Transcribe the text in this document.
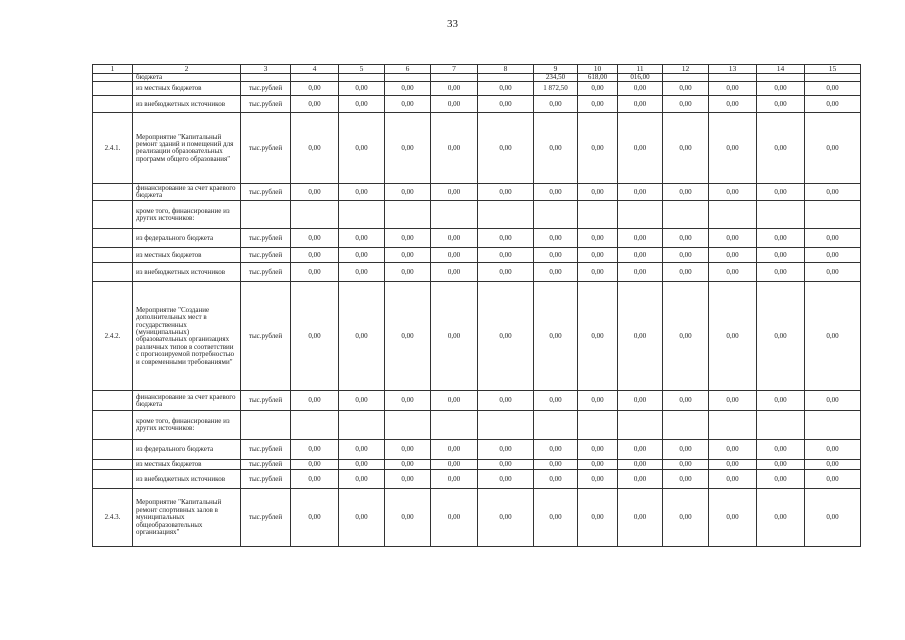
33
1	2	3	4	5	6	7	8	9	10	11	12	13	14	15
	бюджета							234,50	618,00	016,00				
	из местных бюджетов	тыс.рублей	0,00	0,00	0,00	0,00	0,00	1 872,50	0,00	0,00	0,00	0,00	0,00	0,00
	из внебюджетных источников	тыс.рублей	0,00	0,00	0,00	0,00	0,00	0,00	0,00	0,00	0,00	0,00	0,00	0,00
2.4.1.	Мероприятие "Капитальный ремонт зданий и помещений для реализации образовательных программ общего образования"	тыс.рублей	0,00	0,00	0,00	0,00	0,00	0,00	0,00	0,00	0,00	0,00	0,00	0,00
	финансирование за счет краевого бюджета	тыс.рублей	0,00	0,00	0,00	0,00	0,00	0,00	0,00	0,00	0,00	0,00	0,00	0,00
	кроме того, финансирование из других источников:													
	из федерального бюджета	тыс.рублей	0,00	0,00	0,00	0,00	0,00	0,00	0,00	0,00	0,00	0,00	0,00	0,00
	из местных бюджетов	тыс.рублей	0,00	0,00	0,00	0,00	0,00	0,00	0,00	0,00	0,00	0,00	0,00	0,00
	из внебюджетных источников	тыс.рублей	0,00	0,00	0,00	0,00	0,00	0,00	0,00	0,00	0,00	0,00	0,00	0,00
2.4.2.	Мероприятие "Создание дополнительных мест в государственных (муниципальных) образовательных организациях различных типов в соответствии с прогнозируемой потребностью и современными требованиями"	тыс.рублей	0,00	0,00	0,00	0,00	0,00	0,00	0,00	0,00	0,00	0,00	0,00	0,00
	финансирование за счет краевого бюджета	тыс.рублей	0,00	0,00	0,00	0,00	0,00	0,00	0,00	0,00	0,00	0,00	0,00	0,00
	кроме того, финансирование из других источников:													
	из федерального бюджета	тыс.рублей	0,00	0,00	0,00	0,00	0,00	0,00	0,00	0,00	0,00	0,00	0,00	0,00
	из местных бюджетов	тыс.рублей	0,00	0,00	0,00	0,00	0,00	0,00	0,00	0,00	0,00	0,00	0,00	0,00
	из внебюджетных источников	тыс.рублей	0,00	0,00	0,00	0,00	0,00	0,00	0,00	0,00	0,00	0,00	0,00	0,00
2.4.3.	Мероприятие "Капитальный ремонт спортивных залов в муниципальных общеобразовательных организациях"	тыс.рублей	0,00	0,00	0,00	0,00	0,00	0,00	0,00	0,00	0,00	0,00	0,00	0,00
